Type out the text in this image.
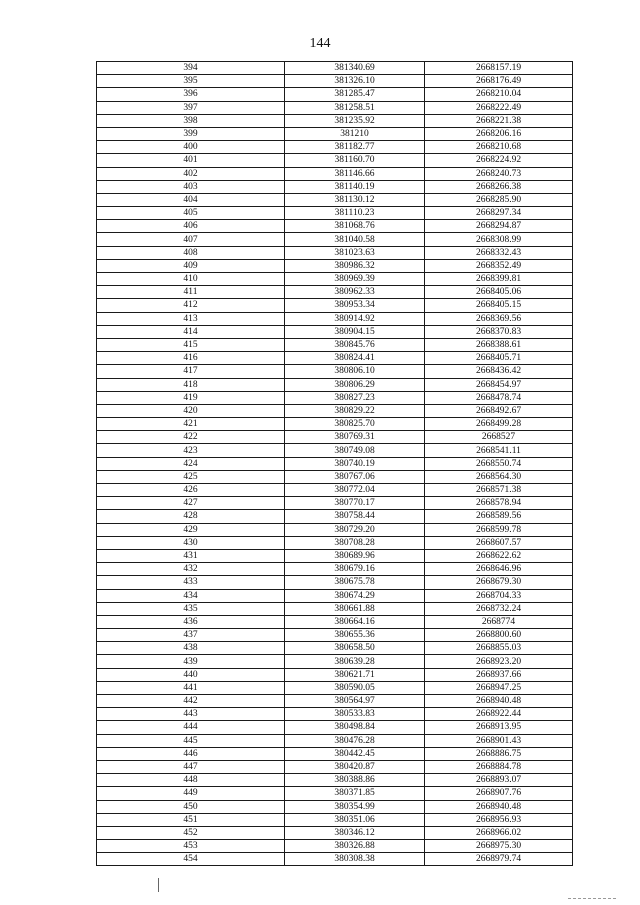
144
394	381340.69	2668157.19
395	381326.10	2668176.49
396	381285.47	2668210.04
397	381258.51	2668222.49
398	381235.92	2668221.38
399	381210	2668206.16
400	381182.77	2668210.68
401	381160.70	2668224.92
402	381146.66	2668240.73
403	381140.19	2668266.38
404	381130.12	2668285.90
405	381110.23	2668297.34
406	381068.76	2668294.87
407	381040.58	2668308.99
408	381023.63	2668332.43
409	380986.32	2668352.49
410	380969.39	2668399.81
411	380962.33	2668405.06
412	380953.34	2668405.15
413	380914.92	2668369.56
414	380904.15	2668370.83
415	380845.76	2668388.61
416	380824.41	2668405.71
417	380806.10	2668436.42
418	380806.29	2668454.97
419	380827.23	2668478.74
420	380829.22	2668492.67
421	380825.70	2668499.28
422	380769.31	2668527
423	380749.08	2668541.11
424	380740.19	2668550.74
425	380767.06	2668564.30
426	380772.04	2668571.38
427	380770.17	2668578.94
428	380758.44	2668589.56
429	380729.20	2668599.78
430	380708.28	2668607.57
431	380689.96	2668622.62
432	380679.16	2668646.96
433	380675.78	2668679.30
434	380674.29	2668704.33
435	380661.88	2668732.24
436	380664.16	2668774
437	380655.36	2668800.60
438	380658.50	2668855.03
439	380639.28	2668923.20
440	380621.71	2668937.66
441	380590.05	2668947.25
442	380564.97	2668940.48
443	380533.83	2668922.44
444	380498.84	2668913.95
445	380476.28	2668901.43
446	380442.45	2668886.75
447	380420.87	2668884.78
448	380388.86	2668893.07
449	380371.85	2668907.76
450	380354.99	2668940.48
451	380351.06	2668956.93
452	380346.12	2668966.02
453	380326.88	2668975.30
454	380308.38	2668979.74
